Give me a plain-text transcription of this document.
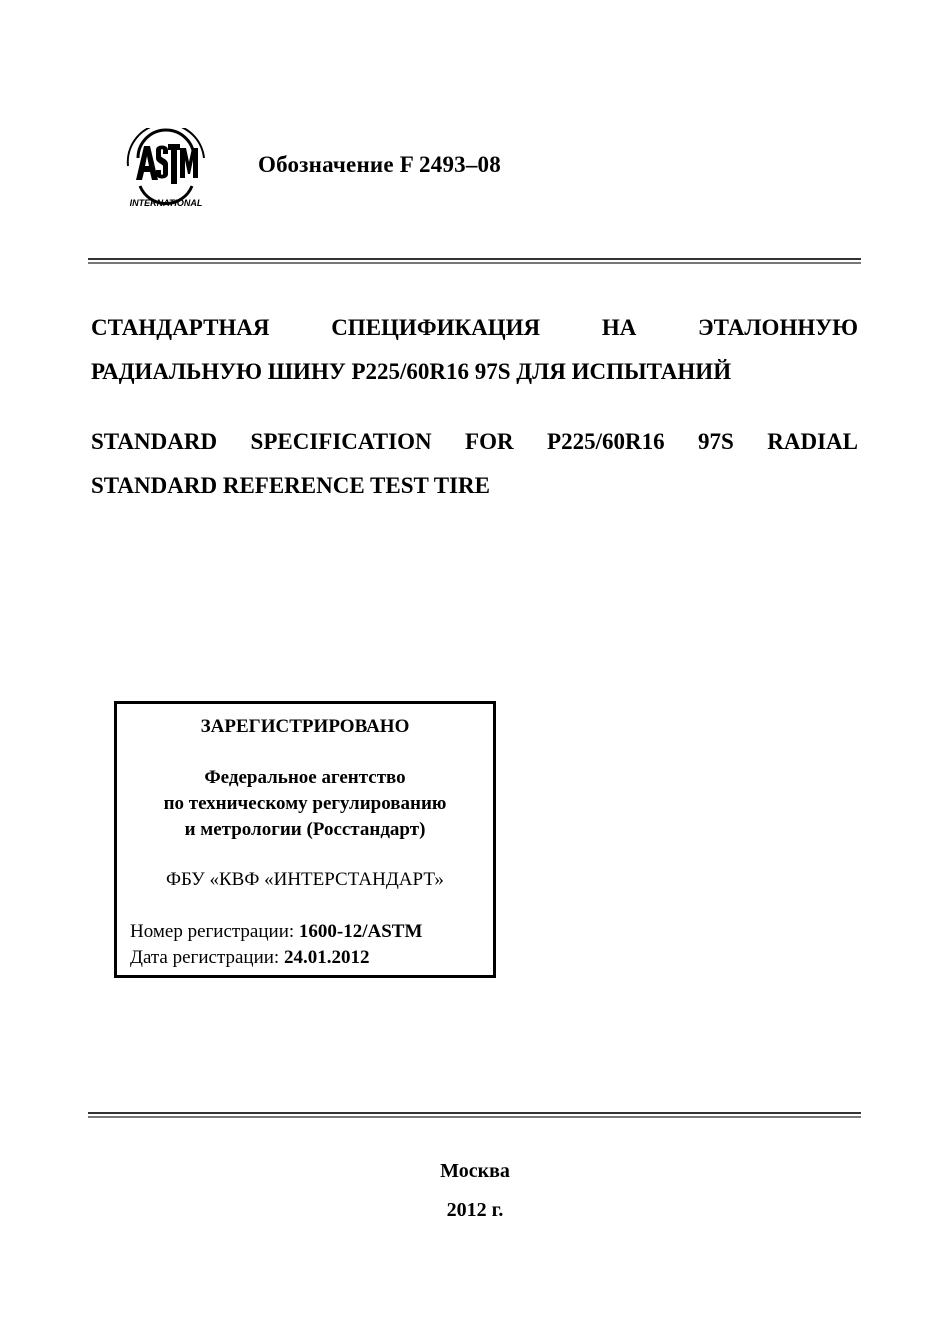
INTERNATIONAL
Обозначение F 2493–08
СТАНДАРТНАЯ СПЕЦИФИКАЦИЯ НА ЭТАЛОННУЮ
РАДИАЛЬНУЮ ШИНУ Р225/60R16 97S ДЛЯ ИСПЫТАНИЙ
STANDARD SPECIFICATION FOR P225/60R16 97S RADIAL
STANDARD REFERENCE TEST TIRE
ЗАРЕГИСТРИРОВАНО
Федеральное агентство
по техническому регулированию
и метрологии (Росстандарт)
ФБУ «КВФ «ИНТЕРСТАНДАРТ»
Номер регистрации: 1600-12/ASTM
Дата регистрации: 24.01.2012
Москва
2012 г.
